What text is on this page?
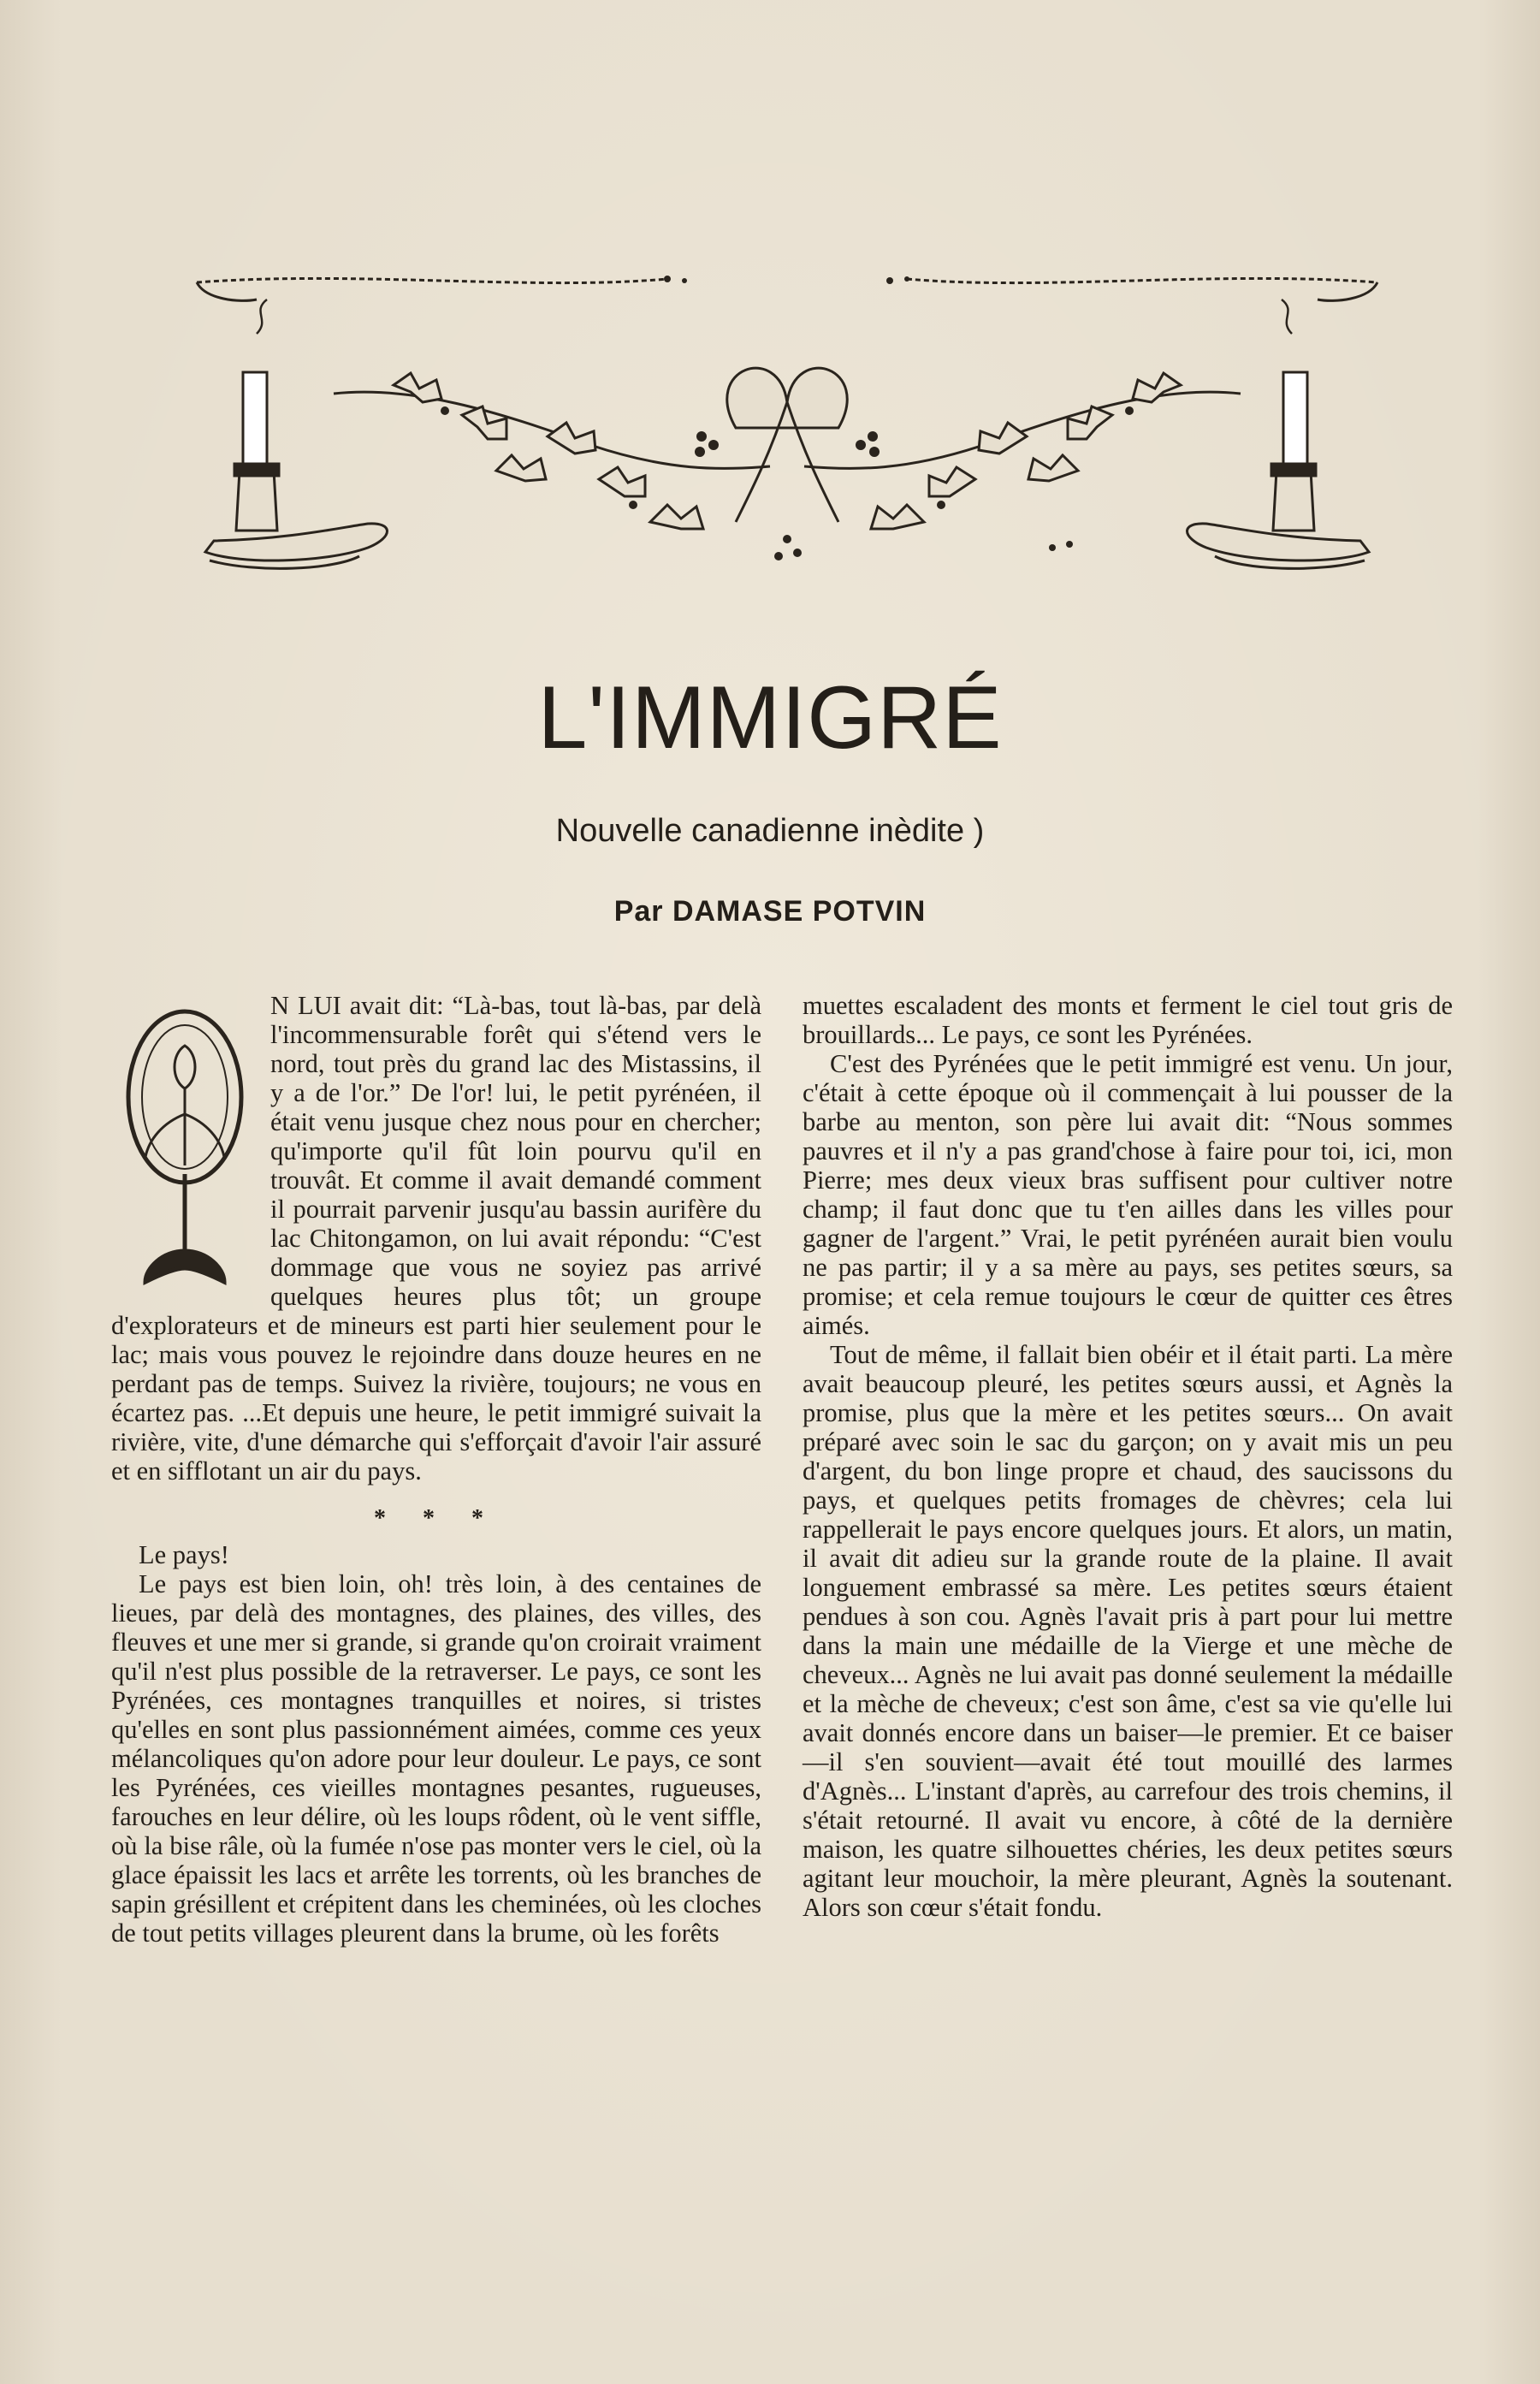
L'IMMIGRÉ

Nouvelle canadienne inèdite )

Par DAMASE POTVIN

N LUI avait dit: “Là-bas, tout là-bas, par delà l'incommensurable forêt qui s'étend vers le nord, tout près du grand lac des Mistassins, il y a de l'or.” De l'or! lui, le petit pyrénéen, il était venu jusque chez nous pour en chercher; qu'importe qu'il fût loin pourvu qu'il en trouvât. Et comme il avait demandé comment il pourrait parvenir jusqu'au bassin aurifère du lac Chitongamon, on lui avait répondu: “C'est dommage que vous ne soyiez pas arrivé quelques heures plus tôt; un groupe d'explorateurs et de mineurs est parti hier seulement pour le lac; mais vous pouvez le rejoindre dans douze heures en ne perdant pas de temps. Suivez la rivière, toujours; ne vous en écartez pas. ...Et depuis une heure, le petit immigré suivait la rivière, vite, d'une démarche qui s'efforçait d'avoir l'air assuré et en sifflotant un air du pays.

* * *

Le pays!

Le pays est bien loin, oh! très loin, à des centaines de lieues, par delà des montagnes, des plaines, des villes, des fleuves et une mer si grande, si grande qu'on croirait vraiment qu'il n'est plus possible de la retraverser. Le pays, ce sont les Pyrénées, ces montagnes tranquilles et noires, si tristes qu'elles en sont plus passionnément aimées, comme ces yeux mélancoliques qu'on adore pour leur douleur. Le pays, ce sont les Pyrénées, ces vieilles montagnes pesantes, rugueuses, farouches en leur délire, où les loups rôdent, où le vent siffle, où la bise râle, où la fumée n'ose pas monter vers le ciel, où la glace épaissit les lacs et arrête les torrents, où les branches de sapin grésillent et crépitent dans les cheminées, où les cloches de tout petits villages pleurent dans la brume, où les forêts

muettes escaladent des monts et ferment le ciel tout gris de brouillards... Le pays, ce sont les Pyrénées.

C'est des Pyrénées que le petit immigré est venu. Un jour, c'était à cette époque où il commençait à lui pousser de la barbe au menton, son père lui avait dit: “Nous sommes pauvres et il n'y a pas grand'chose à faire pour toi, ici, mon Pierre; mes deux vieux bras suffisent pour cultiver notre champ; il faut donc que tu t'en ailles dans les villes pour gagner de l'argent.” Vrai, le petit pyrénéen aurait bien voulu ne pas partir; il y a sa mère au pays, ses petites sœurs, sa promise; et cela remue toujours le cœur de quitter ces êtres aimés.

Tout de même, il fallait bien obéir et il était parti. La mère avait beaucoup pleuré, les petites sœurs aussi, et Agnès la promise, plus que la mère et les petites sœurs... On avait préparé avec soin le sac du garçon; on y avait mis un peu d'argent, du bon linge propre et chaud, des saucissons du pays, et quelques petits fromages de chèvres; cela lui rappellerait le pays encore quelques jours. Et alors, un matin, il avait dit adieu sur la grande route de la plaine. Il avait longuement embrassé sa mère. Les petites sœurs étaient pendues à son cou. Agnès l'avait pris à part pour lui mettre dans la main une médaille de la Vierge et une mèche de cheveux... Agnès ne lui avait pas donné seulement la médaille et la mèche de cheveux; c'est son âme, c'est sa vie qu'elle lui avait donnés encore dans un baiser—le premier. Et ce baiser—il s'en souvient—avait été tout mouillé des larmes d'Agnès... L'instant d'après, au carrefour des trois chemins, il s'était retourné. Il avait vu encore, à côté de la dernière maison, les quatre silhouettes chéries, les deux petites sœurs agitant leur mouchoir, la mère pleurant, Agnès la soutenant. Alors son cœur s'était fondu.
